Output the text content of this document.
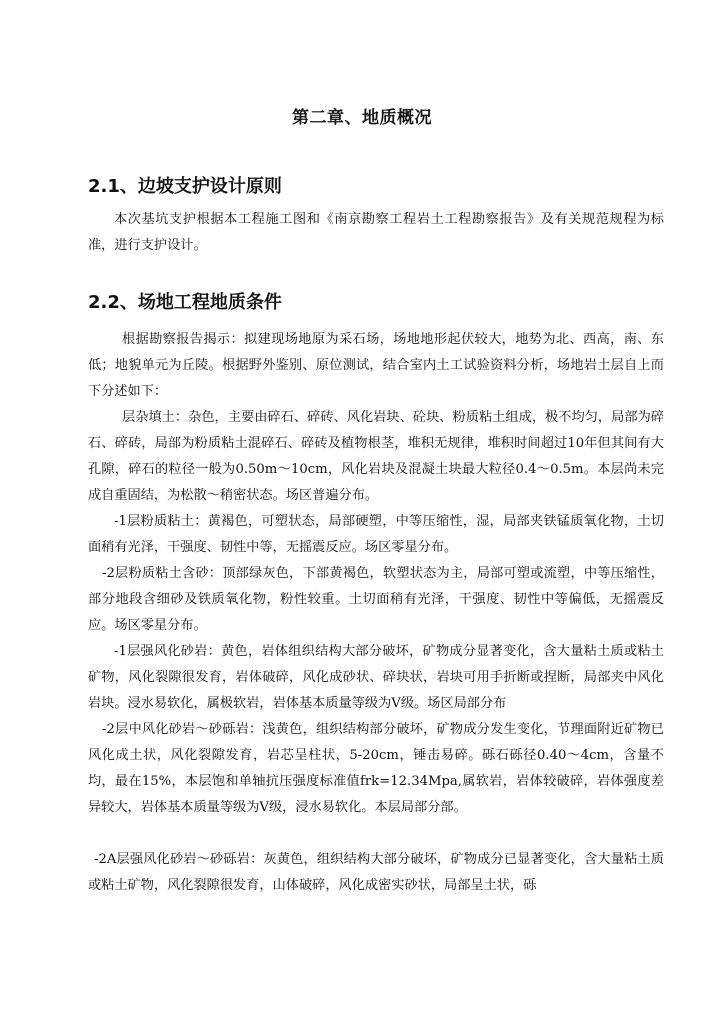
第二章、地质概况
2.1、边坡支护设计原则

本次基坑支护根据本工程施工图和《南京勘察工程岩土工程勘察报告》及有关规范规程为标准，进行支护设计。

2.2、场地工程地质条件

根据勘察报告揭示：拟建现场地原为采石场，场地地形起伏较大，地势为北、西高，南、东低；地貌单元为丘陵。根据野外鉴别、原位测试，结合室内土工试验资料分析，场地岩土层自上而下分述如下：

层杂填土：杂色，主要由碎石、碎砖、风化岩块、砼块、粉质粘土组成，极不均匀，局部为碎石、碎砖，局部为粉质粘土混碎石、碎砖及植物根茎，堆积无规律，堆积时间超过10年但其间有大孔隙，碎石的粒径一般为0.50m～10cm，风化岩块及混凝土块最大粒径0.4～0.5m。本层尚未完成自重固结，为松散～稍密状态。场区普遍分布。

-1层粉质粘土：黄褐色，可塑状态，局部硬塑，中等压缩性，湿，局部夹铁锰质氧化物，土切面稍有光泽，干强度、韧性中等，无摇震反应。场区零星分布。

-2层粉质粘土含砂：顶部绿灰色，下部黄褐色，软塑状态为主，局部可塑或流塑，中等压缩性，部分地段含细砂及铁质氧化物，粉性较重。土切面稍有光泽，干强度、韧性中等偏低，无摇震反应。场区零星分布。

-1层强风化砂岩：黄色，岩体组织结构大部分破坏，矿物成分显著变化，含大量粘土质或粘土矿物，风化裂隙很发育，岩体破碎，风化成砂状、碎块状，岩块可用手折断或捏断，局部夹中风化岩块。浸水易软化，属极软岩，岩体基本质量等级为Ⅴ级。场区局部分布

-2层中风化砂岩～砂砾岩：浅黄色，组织结构部分破坏，矿物成分发生变化，节理面附近矿物已风化成土状，风化裂隙发育，岩芯呈柱状，5-20cm，锤击易碎。砾石砾径0.40～4cm，含量不均，最在15%，本层饱和单轴抗压强度标准值frk=12.34Mpa,属软岩，岩体较破碎，岩体强度差异较大，岩体基本质量等级为Ⅴ级，浸水易软化。本层局部分部。

-2A层强风化砂岩～砂砾岩：灰黄色，组织结构大部分破坏，矿物成分已显著变化，含大量粘土质或粘土矿物，风化裂隙很发育，山体破碎，风化成密实砂状，局部呈土状，砾
